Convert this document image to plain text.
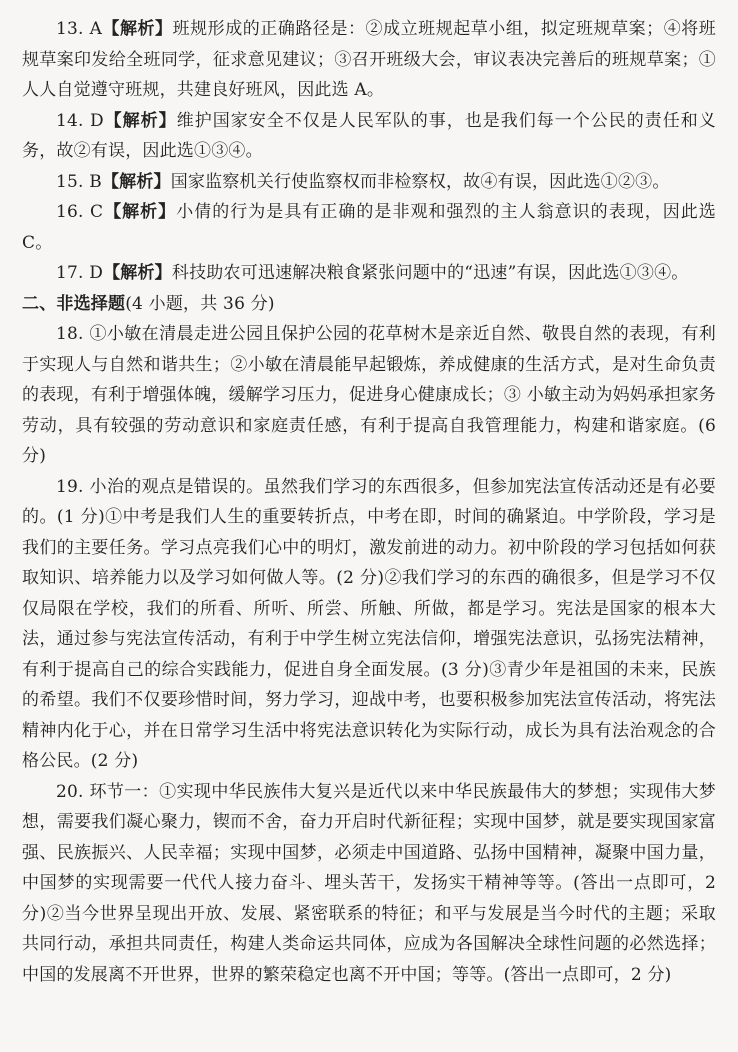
13. A【解析】班规形成的正确路径是：②成立班规起草小组，拟定班规草案；④将班规草案印发给全班同学，征求意见建议；③召开班级大会，审议表决完善后的班规草案；①人人自觉遵守班规，共建良好班风，因此选 A。

14. D【解析】维护国家安全不仅是人民军队的事，也是我们每一个公民的责任和义务，故②有误，因此选①③④。

15. B【解析】国家监察机关行使监察权而非检察权，故④有误，因此选①②③。

16. C【解析】小倩的行为是具有正确的是非观和强烈的主人翁意识的表现，因此选 C。

17. D【解析】科技助农可迅速解决粮食紧张问题中的“迅速”有误，因此选①③④。

二、非选择题(4 小题，共 36 分)

18. ①小敏在清晨走进公园且保护公园的花草树木是亲近自然、敬畏自然的表现，有利于实现人与自然和谐共生；②小敏在清晨能早起锻炼，养成健康的生活方式，是对生命负责的表现，有利于增强体魄，缓解学习压力，促进身心健康成长；③ 小敏主动为妈妈承担家务劳动，具有较强的劳动意识和家庭责任感，有利于提高自我管理能力，构建和谐家庭。(6 分)

19. 小治的观点是错误的。虽然我们学习的东西很多，但参加宪法宣传活动还是有必要的。(1 分)①中考是我们人生的重要转折点，中考在即，时间的确紧迫。中学阶段，学习是我们的主要任务。学习点亮我们心中的明灯，激发前进的动力。初中阶段的学习包括如何获取知识、培养能力以及学习如何做人等。(2 分)②我们学习的东西的确很多，但是学习不仅仅局限在学校，我们的所看、所听、所尝、所触、所做，都是学习。宪法是国家的根本大法，通过参与宪法宣传活动，有利于中学生树立宪法信仰，增强宪法意识，弘扬宪法精神，有利于提高自己的综合实践能力，促进自身全面发展。(3 分)③青少年是祖国的未来，民族的希望。我们不仅要珍惜时间，努力学习，迎战中考，也要积极参加宪法宣传活动，将宪法精神内化于心，并在日常学习生活中将宪法意识转化为实际行动，成长为具有法治观念的合格公民。(2 分)

20. 环节一：①实现中华民族伟大复兴是近代以来中华民族最伟大的梦想；实现伟大梦想，需要我们凝心聚力，锲而不舍，奋力开启时代新征程；实现中国梦，就是要实现国家富强、民族振兴、人民幸福；实现中国梦，必须走中国道路、弘扬中国精神，凝聚中国力量，中国梦的实现需要一代代人接力奋斗、埋头苦干，发扬实干精神等等。(答出一点即可，2 分)②当今世界呈现出开放、发展、紧密联系的特征；和平与发展是当今时代的主题；采取共同行动，承担共同责任，构建人类命运共同体，应成为各国解决全球性问题的必然选择；中国的发展离不开世界，世界的繁荣稳定也离不开中国；等等。(答出一点即可，2 分)
